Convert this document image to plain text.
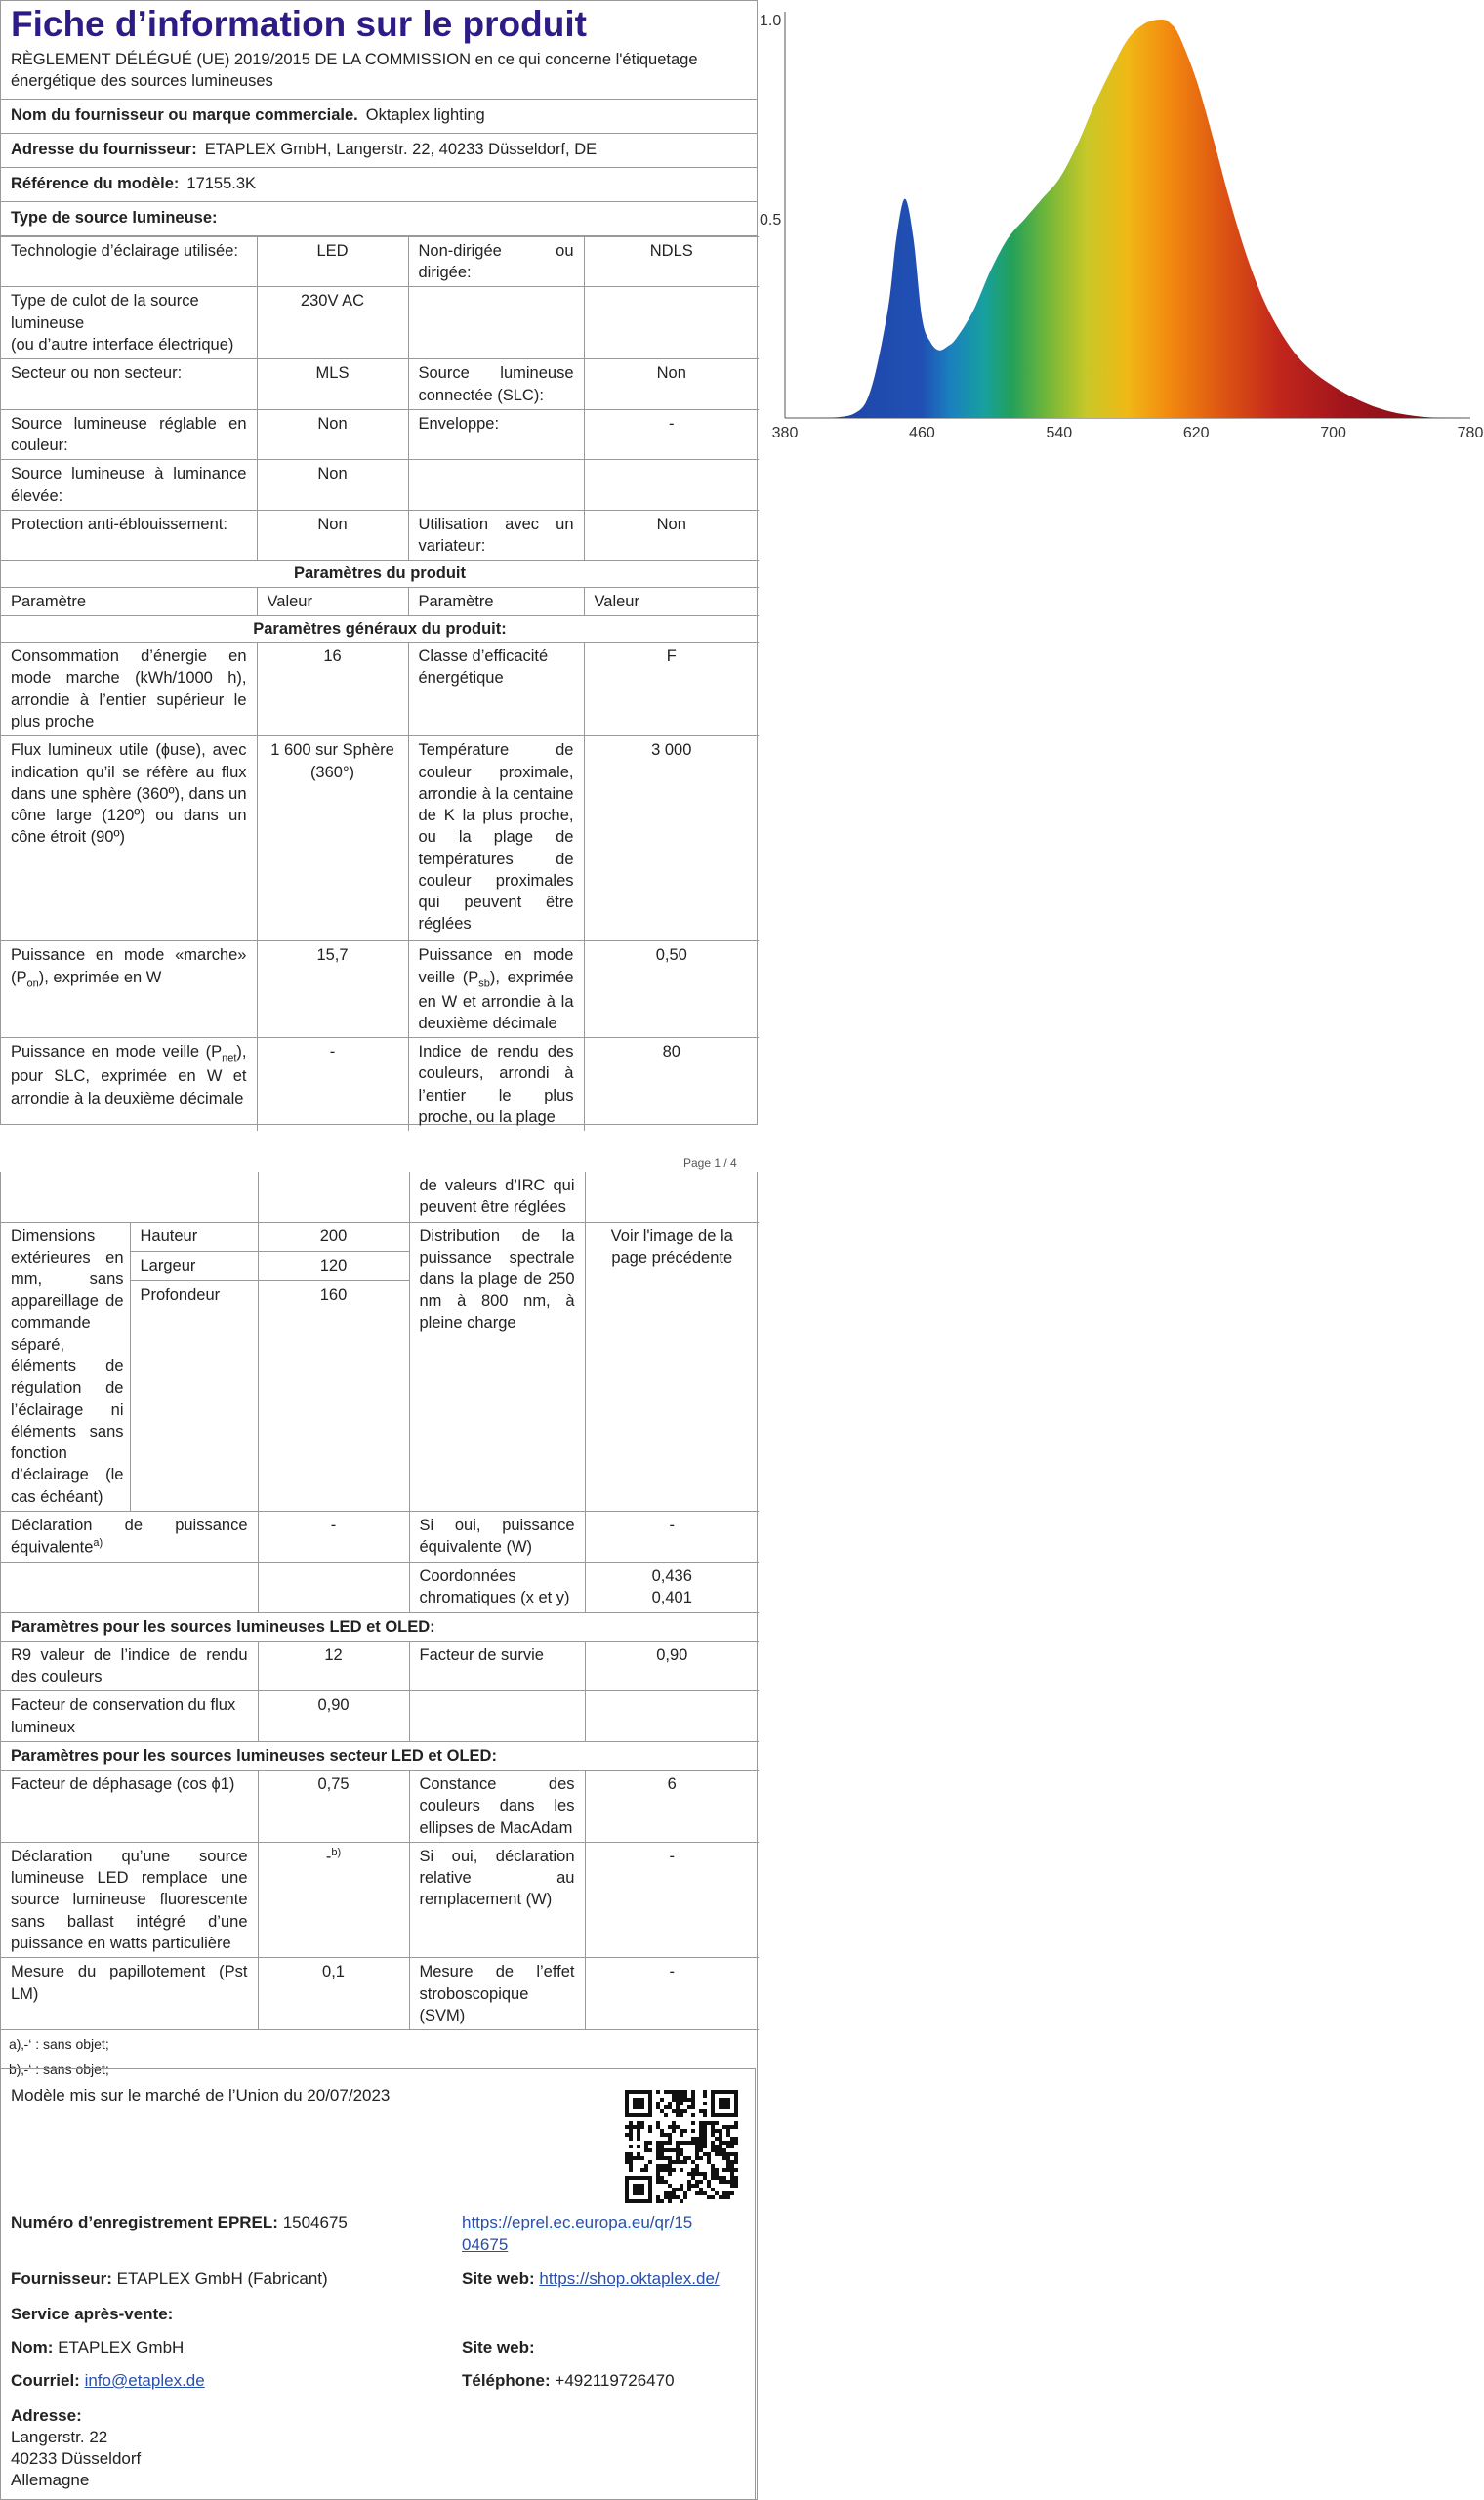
Fiche d’information sur le produit
RÈGLEMENT DÉLÉGUÉ (UE) 2019/2015 DE LA COMMISSION en ce qui concerne l'étiquetage énergétique des sources lumineuses
Nom du fournisseur ou marque commerciale. Oktaplex lighting
Adresse du fournisseur: ETAPLEX GmbH, Langerstr. 22, 40233 Düsseldorf, DE
Référence du modèle: 17155.3K
Type de source lumineuse:
Technologie d’éclairage utilisée:	LED	Non-dirigée ou dirigée:	NDLS

Type de culot de la source lumineuse
(ou d’autre interface électrique)	230V AC		
Secteur ou non secteur:	MLS	Source lumineuse connectée (SLC):	Non
Source lumineuse réglable en couleur:	Non	Enveloppe:	-
Source lumineuse à luminance élevée:	Non		
Protection anti-éblouissement:	Non	Utilisation avec un variateur:	Non
Paramètres du produit			
Paramètre	Valeur	Paramètre	Valeur
Paramètres généraux du produit:			
Consommation d’énergie en mode marche (kWh/1000 h), arrondie à l’entier supérieur le plus proche	16	Classe d’efficacité énergétique	F
Flux lumineux utile (ɸuse), avec indication qu’il se réfère au flux dans une sphère (360º), dans un cône large (120º) ou dans un cône étroit (90º)	1 600 sur Sphère (360°)	Température de couleur proximale, arrondie à la centaine de K la plus proche, ou la plage de températures de couleur proximales qui peuvent être réglées	3 000
Puissance en mode «marche» $(P_{on})$, exprimée en W	15,7	Puissance en mode veille $(P_{sb})$, exprimée en W et arrondie à la deuxième décimale	0,50
Puissance en mode veille $(P_{net})$, pour SLC, exprimée en W et arrondie à la deuxième décimale	-	Indice de rendu des couleurs, arrondi à l’entier le plus proche, ou la plage	80
Page 1 / 4
			de valeurs d’IRC qui peuvent être réglées	
Dimensions extérieures en mm, sans appareillage de commande séparé, éléments de régulation de l’éclairage ni éléments sans fonction d’éclairage (le cas échéant)	Hauteur	200	Distribution de la puissance spectrale dans la plage de 250 nm à 800 nm, à pleine charge	Voir l'image de la page précédente
	Largeur	120		
	Profondeur	160		
Déclaration de puissance équivalente$^{a)}$		-	Si oui, puissance équivalente (W)	-
			Coordonnées chromatiques (x et y)	0,436
0,401

Paramètres pour les sources lumineuses LED et OLED:				
R9 valeur de l’indice de rendu des couleurs		12	Facteur de survie	0,90
Facteur de conservation du flux lumineux		0,90		
Paramètres pour les sources lumineuses secteur LED et OLED:				
Facteur de déphasage (cos ϕ1)		0,75	Constance des couleurs dans les ellipses de MacAdam	6
Déclaration qu’une source lumineuse LED remplace une source lumineuse fluorescente sans ballast intégré d’une puissance en watts particulière		-$^{b)}$	Si oui, déclaration relative au remplacement (W)	-
Mesure du papillotement (Pst LM)		0,1	Mesure de l’effet stroboscopique (SVM)	-
a)‚-‘ : sans objet;
b)‚-‘ : sans objet;
Modèle mis sur le marché de l’Union du 20/07/2023
Numéro d’enregistrement EPREL: 1504675	https://eprel.ec.europa.eu/qr/15
04675
Fournisseur: ETAPLEX GmbH (Fabricant)	Site web: https://shop.oktaplex.de/
Service après-vente:
Nom: ETAPLEX GmbH	Site web:
Courriel: info@etaplex.de	Téléphone: +492119726470
Adresse:
Langerstr. 22
40233 Düsseldorf
Allemagne
380	460	540	620	700	780
1.0
0.5
